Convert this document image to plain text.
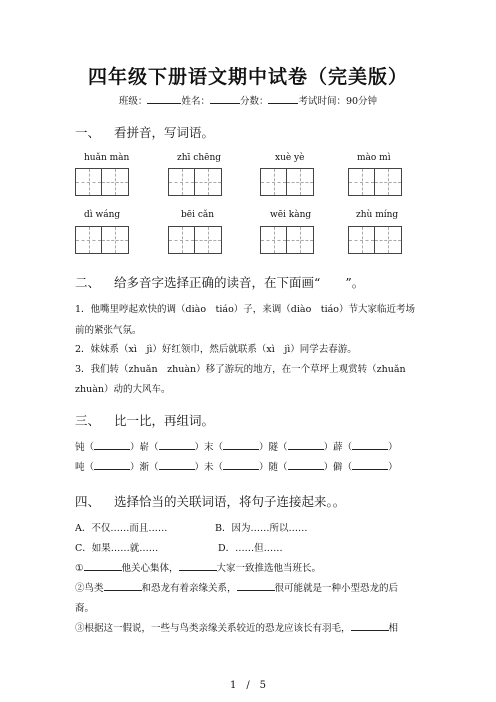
四年级下册语文期中试卷（完美版）
班级：	姓名：	分数：	考试时间：90分钟
一、 看拼音，写词语。
huǎn màn	zhī chēng	xuè yè	mào mì
dì wáng	bēi cǎn	wēi kàng	zhù míng
二、 给多音字选择正确的读音，在下面画“　　”。
1．他嘴里哼起欢快的调（diào　tiáo）子，来调（diào　tiáo）节大家临近考场
前的紧张气氛。
2．妹妹系（xì　jì）好红领巾，然后就联系（xì　jì）同学去春游。
3．我们转（zhuǎn　zhuàn）移了游玩的地方，在一个草坪上观赏转（zhuǎn
zhuàn）动的大风车。
三、 比一比，再组词。
钝（	）崭（	）末（	）隧（	）薜（	）
吨（	）渐（	）未（	）随（	）僻（	）
四、 选择恰当的关联词语，将句子连接起来。。
A．不仅……而且……	B．因为……所以……
C．如果……就……	D．……但……
①	他关心集体，	大家一致推选他当班长。
②鸟类	和恐龙有着亲缘关系，	很可能就是一种小型恐龙的后
裔。
③根据这一假说，一些与鸟类亲缘关系较近的恐龙应该长有羽毛，	相
1　/　5
